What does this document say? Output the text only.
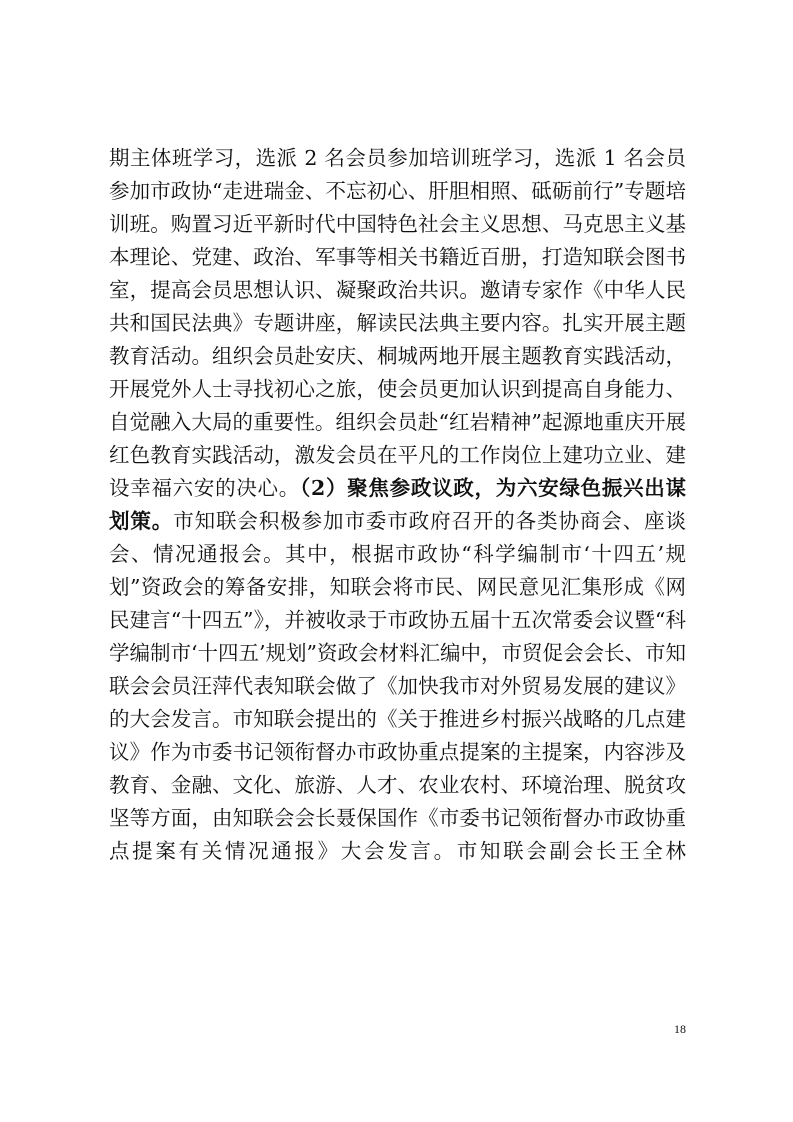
期主体班学习，选派 2 名会员参加培训班学习，选派 1 名会员参加市政协“走进瑞金、不忘初心、肝胆相照、砥砺前行”专题培训班。购置习近平新时代中国特色社会主义思想、马克思主义基本理论、党建、政治、军事等相关书籍近百册，打造知联会图书室，提高会员思想认识、凝聚政治共识。邀请专家作《中华人民共和国民法典》专题讲座，解读民法典主要内容。扎实开展主题教育活动。组织会员赴安庆、桐城两地开展主题教育实践活动，开展党外人士寻找初心之旅，使会员更加认识到提高自身能力、自觉融入大局的重要性。组织会员赴“红岩精神”起源地重庆开展红色教育实践活动，激发会员在平凡的工作岗位上建功立业、建设幸福六安的决心。（2）聚焦参政议政，为六安绿色振兴出谋划策。市知联会积极参加市委市政府召开的各类协商会、座谈会、情况通报会。其中，根据市政协“科学编制市‘十四五’规划”资政会的筹备安排，知联会将市民、网民意见汇集形成《网民建言“十四五”》，并被收录于市政协五届十五次常委会议暨“科学编制市‘十四五’规划”资政会材料汇编中，市贸促会会长、市知联会会员汪萍代表知联会做了《加快我市对外贸易发展的建议》的大会发言。市知联会提出的《关于推进乡村振兴战略的几点建议》作为市委书记领衔督办市政协重点提案的主提案，内容涉及教育、金融、文化、旅游、人才、农业农村、环境治理、脱贫攻坚等方面，由知联会会长聂保国作《市委书记领衔督办市政协重点提案有关情况通报》大会发言。市知联会副会长王全林

18
